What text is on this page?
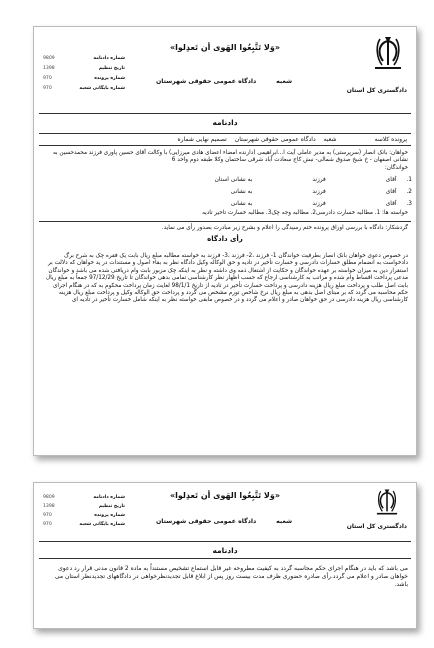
«وَلا تَتَّبِعُوا الهَوی أن تَعدِلوا»
شماره دادنامه
9809
تاریخ تنظیم
1398
شماره پرونده
970
شماره بایگانی شعبه
970
شعبهدادگاه عمومی حقوقی شهرستان
دادگستری کل استان
دادنامه
پرونده کلاسه
شعبه
دادگاه عمومی حقوقی شهرستان
تصمیم نهایی شماره
خواهان: بانک انصار (سرپرستی) به مدیر عاملی آیت ا...ابراهیمی (دارنده امضاء اعضای هادی میرزایی) با وکالت آقای حسین پاوری فرزند محمدحسین به نشانی اصفهان - خ شیخ صدوق شمالی- نبش کاج سعادت آباد شرقی ساختمان وکلا طبقه دوم واحد 6
خواندگان:
1.
آقای
فرزند
به نشانی استان
2.
آقای
فرزند
به نشانی
3.
آقای
فرزند
به نشانی
خواسته ها: 1. مطالبه خسارت دادرسی2. مطالبه وجه چک3. مطالبه خسارت تاخیر تادیه
گردشکار: دادگاه با بررسی اوراق پرونده ختم رسیدگی را اعلام و بشرح زیر مبادرت بصدور رأی می نماید.
رأی دادگاه
در خصوص دعوی خواهان بانک انصار بطرفیت خواندگان 1- فرزند ،2- فرزند ،3- فرزند به خواسته مطالبه مبلغ ریال بابت یک فقره چک به شرح برگ دادخواست به انضمام مطلق خسارات دادرسی و خسارت تأخیر در تادیه و حق الوکاله وکیل دادگاه نظر به بقاء اصول و مستندات در ید خواهان که دلالت بر استقرار دین به میزان خواسته بر عهده خواندگان و حکایت از اشتغال ذمه وی داشته و نظر به اینکه چک مزبور بابت وام دریافتی شده می باشد و خواندگان مدعی پرداخت اقساط وام شده و مراتب به کارشناسی ارجاع که حسب اظهار نظر کارشناسی تمامی بدهی خواندگان تا تاریخ 97/12/29 جمعاً به مبلغ ریال بابت اصل طلب و پرداخت مبلغ ریال هزینه دادرسی و پرداخت خسارت تأخیر در تادیه از تاریخ 98/1/1 لغایت زمان پرداخت محکوم به که در هنگام اجرای حکم محاسبه می گردد که بر مبنای اصل بدهی به مبلغ ریال نرخ شاخص تورم مشخص می گردد و پرداخت حق الوکاله وکیل و پرداخت مبلغ ریال هزینه کارشناسی ریال هزینه دادرسی در حق خواهان صادر و اعلام می گردد و در خصوص مابقی خواسته نظر به اینکه شامل خسارت تأخیر در تادیه ای
«وَلا تَتَّبِعُوا الهَوی أن تَعدِلوا»
شماره دادنامه
9809
تاریخ تنظیم
1398
شماره پرونده
970
شماره بایگانی شعبه
970	شعبهدادگاه عمومی حقوقی شهرستان
دادگستری کل استان
دادنامه
می باشد که باید در هنگام اجرای حکم محاسبه گردد به کیفیت مطروحه غیر قابل استماع تشخیص مستنداً به ماده 2 قانون مدنی قرار رد دعوی خواهان صادر و اعلام می گردد.رأی صادره حضوری ظرف مدت بیست روز پس از ابلاغ قابل تجدیدنظرخواهی در دادگاههای تجدیدنظر استان می باشد.
